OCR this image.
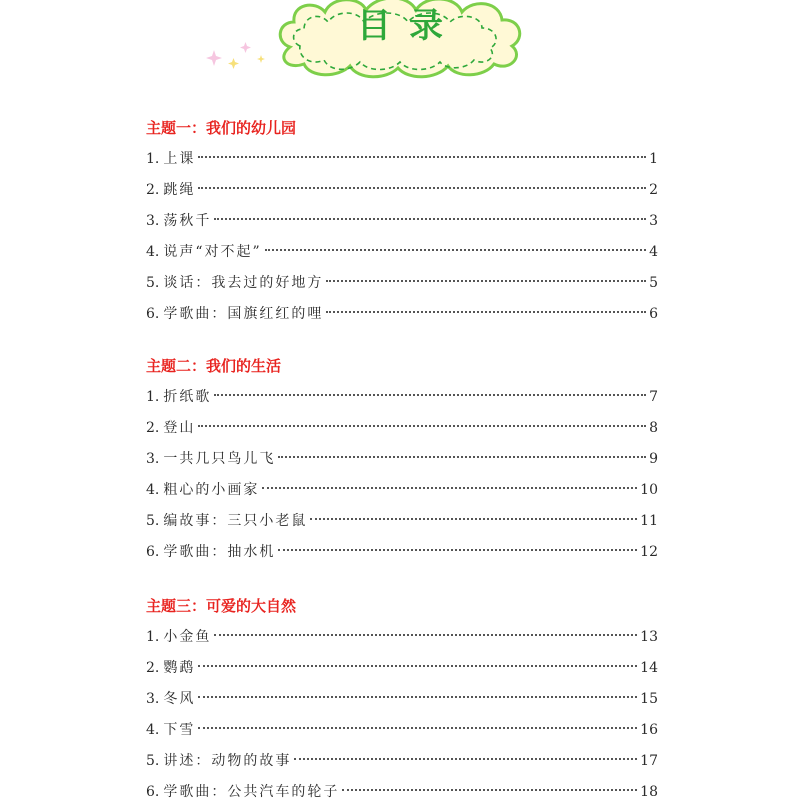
目录
主题一：我们的幼儿园
1. 上课	1
2. 跳绳	2
3. 荡秋千	3
4. 说声“对不起”	4
5. 谈话：我去过的好地方	5
6. 学歌曲：国旗红红的哩	6
主题二：我们的生活
1. 折纸歌	7
2. 登山	8
3. 一共几只鸟儿飞	9
4. 粗心的小画家	10
5. 编故事：三只小老鼠	11
6. 学歌曲：抽水机	12
主题三：可爱的大自然
1. 小金鱼	13
2. 鹦鹉	14
3. 冬风	15
4. 下雪	16
5. 讲述：动物的故事	17
6. 学歌曲：公共汽车的轮子	18
